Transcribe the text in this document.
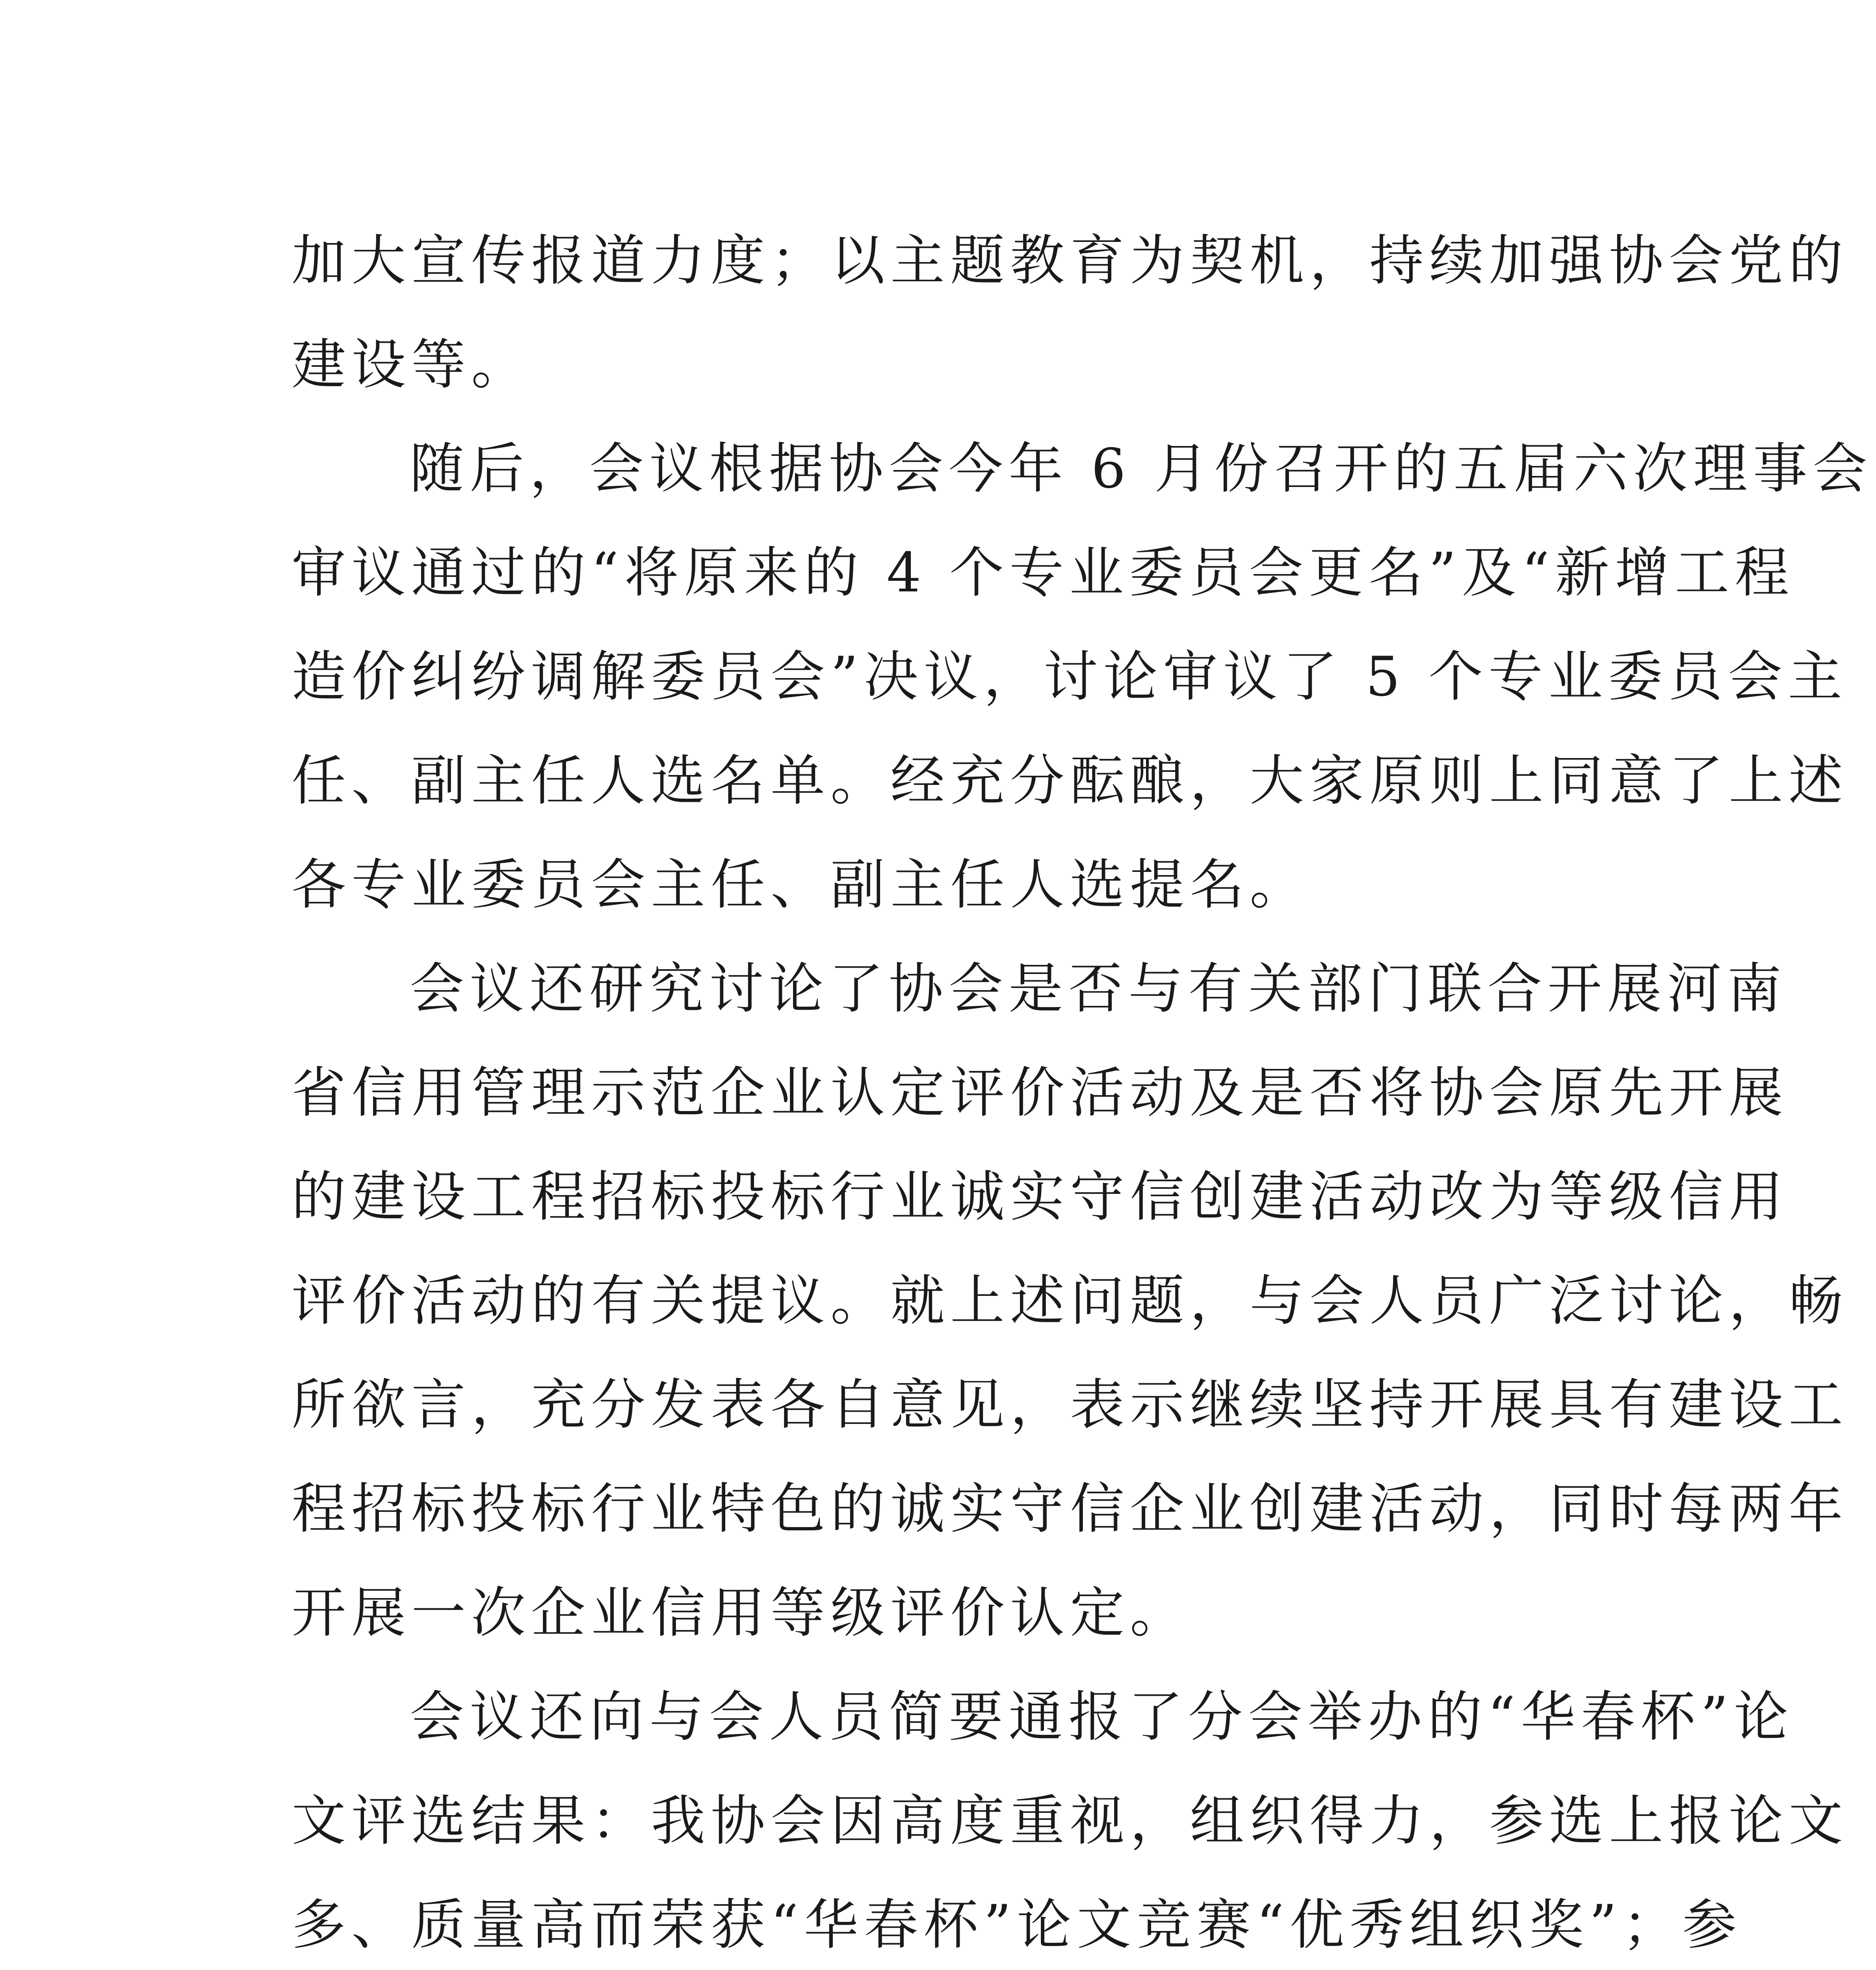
加大宣传报道力度；以主题教育为契机，持续加强协会党的
建设等。
随后，会议根据协会今年 6 月份召开的五届六次理事会
审议通过的“将原来的 4 个专业委员会更名”及“新增工程
造价纠纷调解委员会”决议，讨论审议了 5 个专业委员会主
任、副主任人选名单。经充分酝酿，大家原则上同意了上述
各专业委员会主任、副主任人选提名。
会议还研究讨论了协会是否与有关部门联合开展河南
省信用管理示范企业认定评价活动及是否将协会原先开展
的建设工程招标投标行业诚实守信创建活动改为等级信用
评价活动的有关提议。就上述问题，与会人员广泛讨论，畅
所欲言，充分发表各自意见，表示继续坚持开展具有建设工
程招标投标行业特色的诚实守信企业创建活动，同时每两年
开展一次企业信用等级评价认定。
会议还向与会人员简要通报了分会举办的“华春杯”论
文评选结果：我协会因高度重视，组织得力，参选上报论文
多、质量高而荣获“华春杯”论文竞赛“优秀组织奖”；参
